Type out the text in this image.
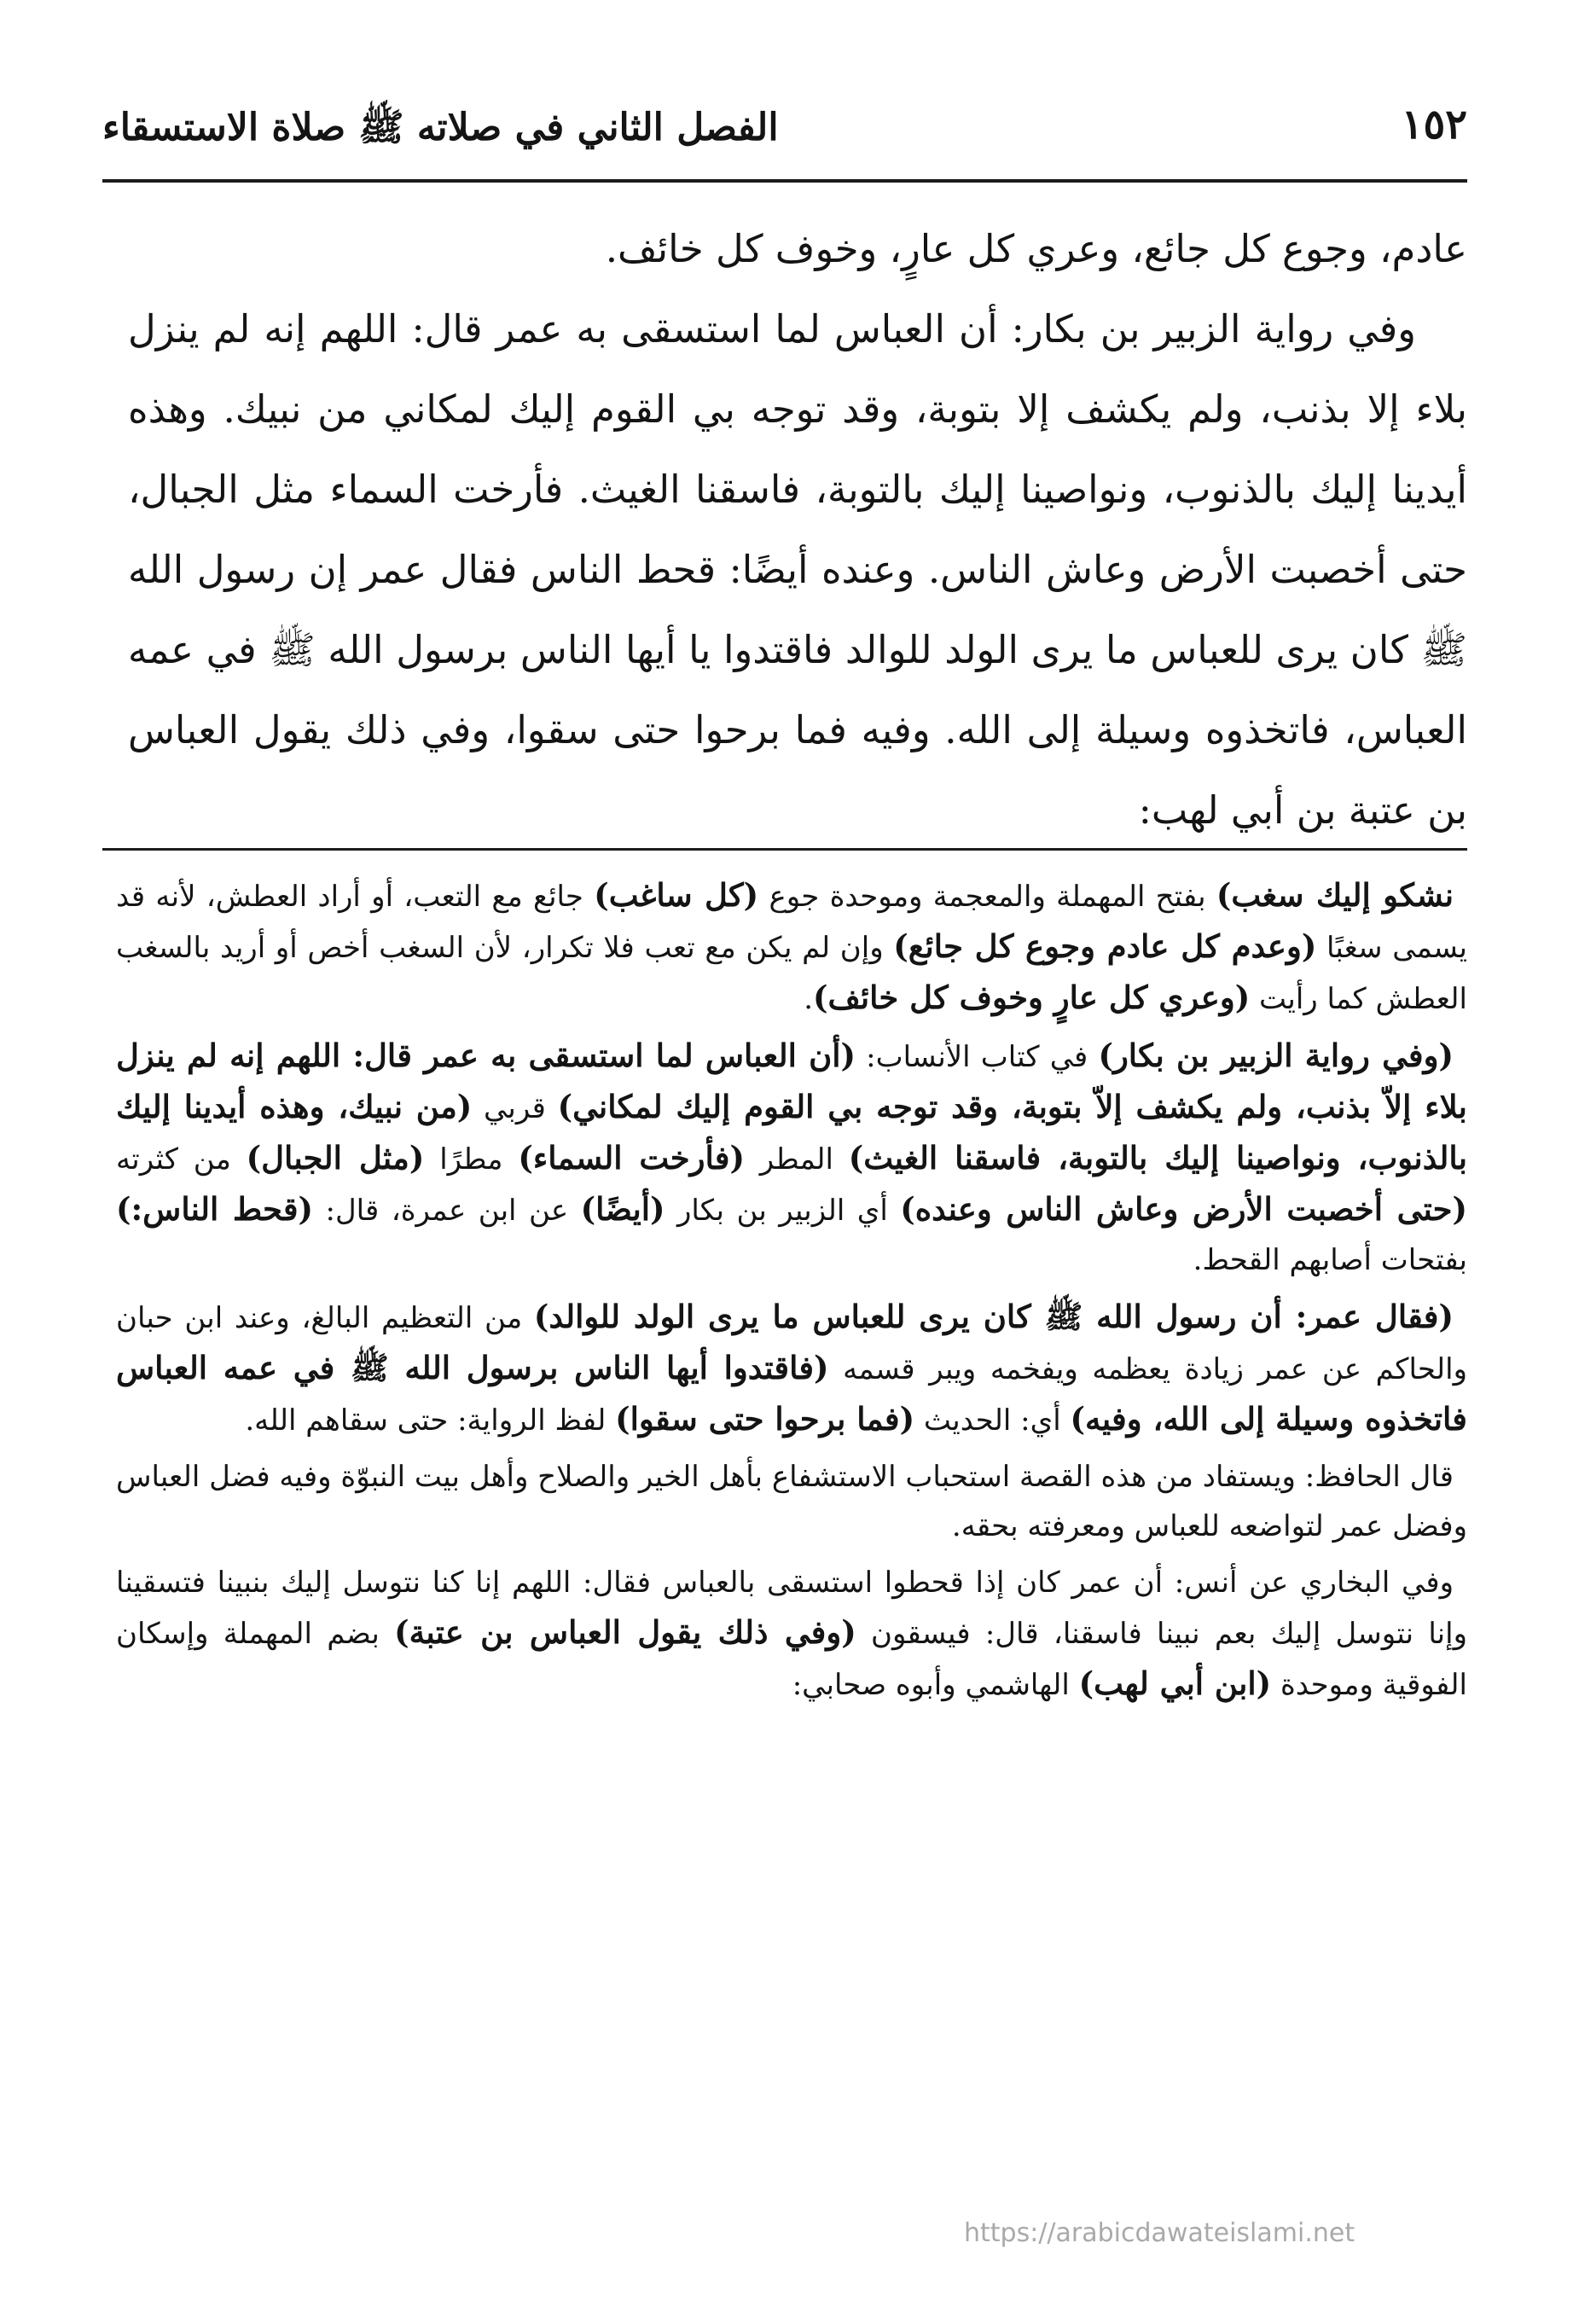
١٥٢
الفصل الثاني في صلاته ﷺ صلاة الاستسقاء

عادم، وجوع كل جائع، وعري كل عارٍ، وخوف كل خائف.

وفي رواية الزبير بن بكار: أن العباس لما استسقى به عمر قال: اللهم إنه لم ينزل بلاء إلا بذنب، ولم يكشف إلا بتوبة، وقد توجه بي القوم إليك لمكاني من نبيك. وهذه أيدينا إليك بالذنوب، ونواصينا إليك بالتوبة، فاسقنا الغيث. فأرخت السماء مثل الجبال، حتى أخصبت الأرض وعاش الناس. وعنده أيضًا: قحط الناس فقال عمر إن رسول الله ﷺ كان يرى للعباس ما يرى الولد للوالد فاقتدوا يا أيها الناس برسول الله ﷺ في عمه العباس، فاتخذوه وسيلة إلى الله. وفيه فما برحوا حتى سقوا، وفي ذلك يقول العباس بن عتبة بن أبي لهب:

نشكو إليك سغب) بفتح المهملة والمعجمة وموحدة جوع (كل ساغب) جائع مع التعب، أو أراد العطش، لأنه قد يسمى سغبًا (وعدم كل عادم وجوع كل جائع) وإن لم يكن مع تعب فلا تكرار، لأن السغب أخص أو أريد بالسغب العطش كما رأيت (وعري كل عارٍ وخوف كل خائف).

(وفي رواية الزبير بن بكار) في كتاب الأنساب: (أن العباس لما استسقى به عمر قال: اللهم إنه لم ينزل بلاء إلاّ بذنب، ولم يكشف إلاّ بتوبة، وقد توجه بي القوم إليك لمكاني) قربي (من نبيك، وهذه أيدينا إليك بالذنوب، ونواصينا إليك بالتوبة، فاسقنا الغيث) المطر (فأرخت السماء) مطرًا (مثل الجبال) من كثرته (حتى أخصبت الأرض وعاش الناس وعنده) أي الزبير بن بكار (أيضًا) عن ابن عمرة، قال: (قحط الناس:) بفتحات أصابهم القحط.

(فقال عمر: أن رسول الله ﷺ كان يرى للعباس ما يرى الولد للوالد) من التعظيم البالغ، وعند ابن حبان والحاكم عن عمر زيادة يعظمه ويفخمه ويبر قسمه (فاقتدوا أيها الناس برسول الله ﷺ في عمه العباس فاتخذوه وسيلة إلى الله، وفيه) أي: الحديث (فما برحوا حتى سقوا) لفظ الرواية: حتى سقاهم الله.

قال الحافظ: ويستفاد من هذه القصة استحباب الاستشفاع بأهل الخير والصلاح وأهل بيت النبوّة وفيه فضل العباس وفضل عمر لتواضعه للعباس ومعرفته بحقه.

وفي البخاري عن أنس: أن عمر كان إذا قحطوا استسقى بالعباس فقال: اللهم إنا كنا نتوسل إليك بنبينا فتسقينا وإنا نتوسل إليك بعم نبينا فاسقنا، قال: فيسقون (وفي ذلك يقول العباس بن عتبة) بضم المهملة وإسكان الفوقية وموحدة (ابن أبي لهب) الهاشمي وأبوه صحابي:

https://arabicdawateislami.net
